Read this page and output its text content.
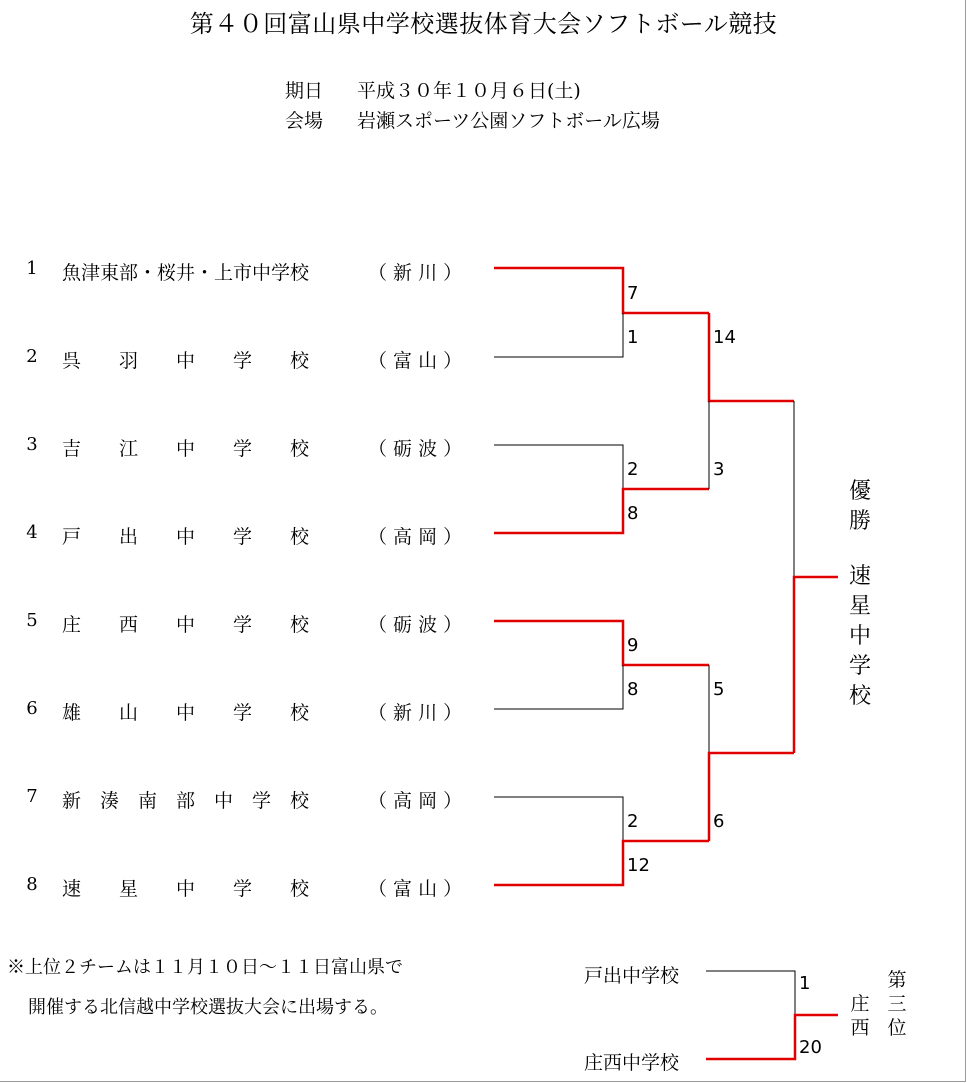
第４０回富山県中学校選抜体育大会ソフトボール競技
期日 平成３０年１０月６日(土)
会場 岩瀬スポーツ公園ソフトボール広場
1 魚津東部・桜井・上市中学校	（ 新 川 ）
2 呉　　羽　　中　　学　　校	（ 富 山 ）
3 吉　　江　　中　　学　　校	（ 砺 波 ）
4 戸　　出　　中　　学　　校	（ 高 岡 ）
5 庄　　西　　中　　学　　校	（ 砺 波 ）
6 雄　　山　　中　　学　　校	（ 新 川 ）
7 新　湊　南　部　中　学　校	（ 高 岡 ）
8 速　　星　　中　　学　　校	（ 富 山 ）
7
1
2
8
9
8
2
12
14
3
5
6
優
勝
速
星
中
学
校
※上位２チームは１１月１０日～１１日富山県で
開催する北信越中学校選抜大会に出場する。
戸出中学校
庄西中学校
1
20
庄
西
第
三
位
